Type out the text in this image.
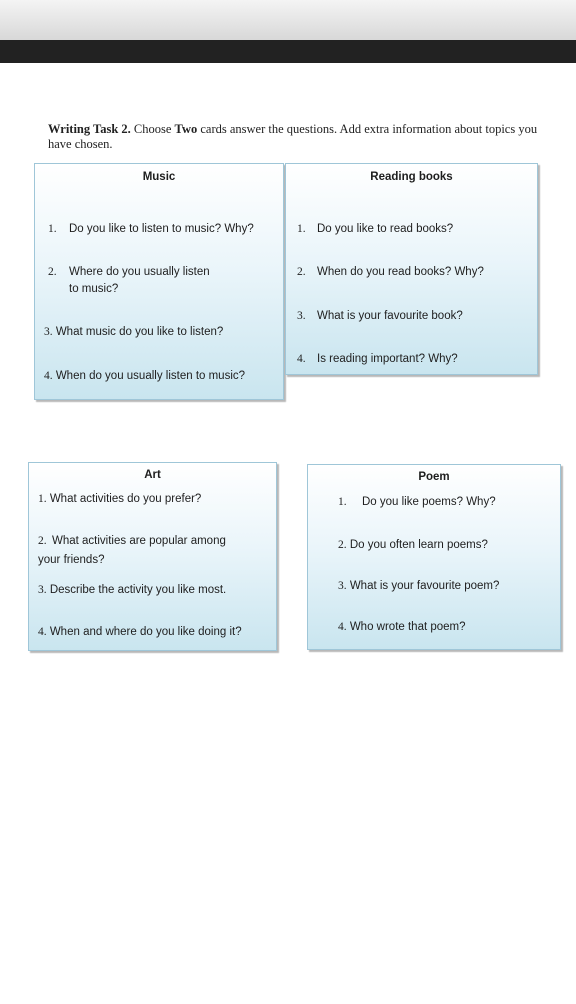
Writing Task 2. Choose Two cards answer the questions. Add extra information about topics you have chosen.
Music
1. Do you like to listen to music? Why?
2. Where do you usually listen
to music?
3. What music do you like to listen?
4. When do you usually listen to music?
Reading books
1. Do you like to read books?
2. When do you read books? Why?
3. What is your favourite book?
4. Is reading important? Why?
Art
1. What activities do you prefer?
2. What activities are popular among
your friends?
3. Describe the activity you like most.
4. When and where do you like doing it?
Poem
1. Do you like poems? Why?
2. Do you often learn poems?
3. What is your favourite poem?
4. Who wrote that poem?
